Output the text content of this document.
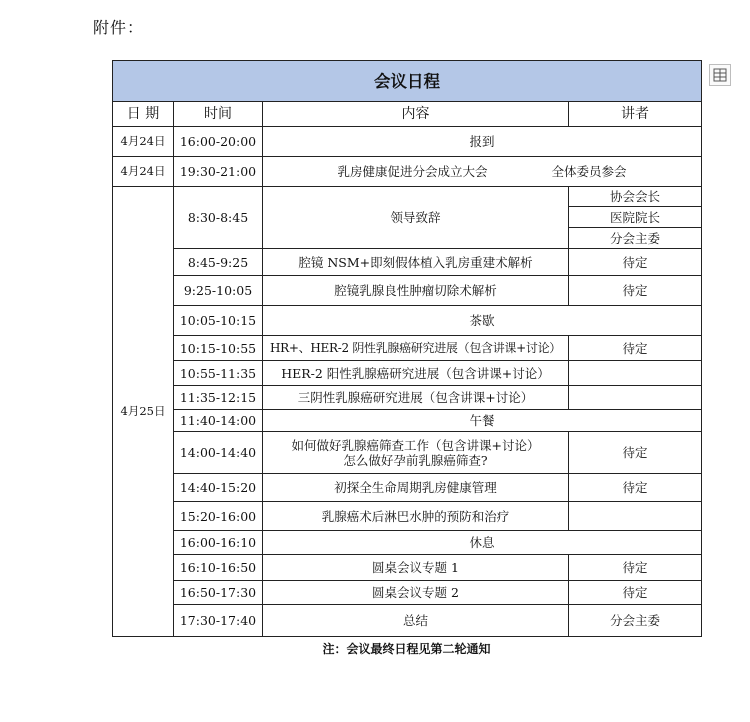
附件：
会议日程			
日 期	时间	内容	讲者
4月24日	16:00-20:00	报到	
4月24日	19:30-21:00	乳房健康促进分会成立大会 全体委员参会	
4月25日	8:30-8:45	领导致辞	协会会长
			医院院长
			分会主委
	8:45-9:25	腔镜 NSM+即刻假体植入乳房重建术解析	待定
	9:25-10:05	腔镜乳腺良性肿瘤切除术解析	待定
	10:05-10:15	茶歇	
	10:15-10:55	HR+、HER-2 阴性乳腺癌研究进展（包含讲课+讨论）	待定
	10:55-11:35	HER-2 阳性乳腺癌研究进展（包含讲课+讨论）	
	11:35-12:15	三阴性乳腺癌研究进展（包含讲课+讨论）	
	11:40-14:00	午餐	
	14:00-14:40	如何做好乳腺癌筛查工作（包含讲课+讨论）
怎么做好孕前乳腺癌筛查?	待定
	14:40-15:20	初探全生命周期乳房健康管理	待定
	15:20-16:00	乳腺癌术后淋巴水肿的预防和治疗	
	16:00-16:10	休息	
	16:10-16:50	圆桌会议专题 1	待定
	16:50-17:30	圆桌会议专题 2	待定
	17:30-17:40	总结	分会主委
注：会议最终日程见第二轮通知
